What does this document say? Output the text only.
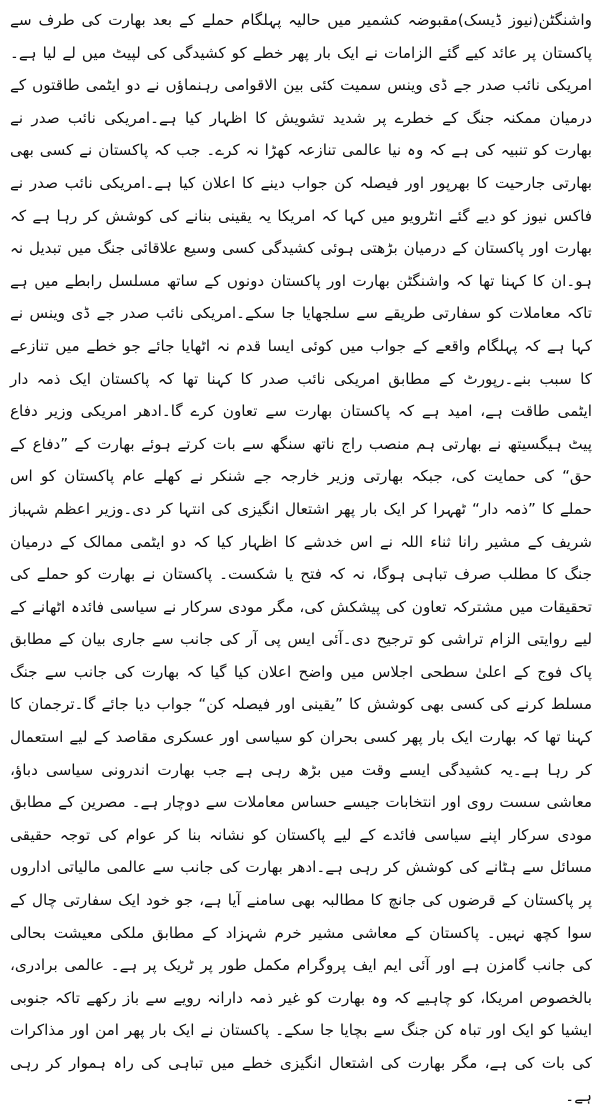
واشنگٹن(نیوز ڈیسک)مقبوضہ کشمیر میں حالیہ پہلگام حملے کے بعد بھارت کی طرف سے پاکستان پر عائد کیے گئے الزامات نے ایک بار پھر خطے کو کشیدگی کی لپیٹ میں لے لیا ہے۔امریکی نائب صدر جے ڈی وینس سمیت کئی بین الاقوامی رہنماؤں نے دو ایٹمی طاقتوں کے درمیان ممکنہ جنگ کے خطرے پر شدید تشویش کا اظہار کیا ہے۔امریکی نائب صدر نے بھارت کو تنبیہ کی ہے کہ وہ نیا عالمی تنازعہ کھڑا نہ کرے۔ جب کہ پاکستان نے کسی بھی بھارتی جارحیت کا بھرپور اور فیصلہ کن جواب دینے کا اعلان کیا ہے۔امریکی نائب صدر نے فاکس نیوز کو دیے گئے انٹرویو میں کہا کہ امریکا یہ یقینی بنانے کی کوشش کر رہا ہے کہ بھارت اور پاکستان کے درمیان بڑھتی ہوئی کشیدگی کسی وسیع علاقائی جنگ میں تبدیل نہ ہو۔ان کا کہنا تھا کہ واشنگٹن بھارت اور پاکستان دونوں کے ساتھ مسلسل رابطے میں ہے تاکہ معاملات کو سفارتی طریقے سے سلجھایا جا سکے۔امریکی نائب صدر جے ڈی وینس نے کہا ہے کہ پہلگام واقعے کے جواب میں کوئی ایسا قدم نہ اٹھایا جائے جو خطے میں تنازعے کا سبب بنے۔رپورٹ کے مطابق امریکی نائب صدر کا کہنا تھا کہ پاکستان ایک ذمہ دار ایٹمی طاقت ہے، امید ہے کہ پاکستان بھارت سے تعاون کرے گا۔ادھر امریکی وزیر دفاع پیٹ ہیگسیتھ نے بھارتی ہم منصب راج ناتھ سنگھ سے بات کرتے ہوئے بھارت کے ”دفاع کے حق“ کی حمایت کی، جبکہ بھارتی وزیر خارجہ جے شنکر نے کھلے عام پاکستان کو اس حملے کا ”ذمہ دار“ ٹھہرا کر ایک بار پھر اشتعال انگیزی کی انتہا کر دی۔وزیر اعظم شہباز شریف کے مشیر رانا ثناء اللہ نے اس خدشے کا اظہار کیا کہ دو ایٹمی ممالک کے درمیان جنگ کا مطلب صرف تباہی ہوگا، نہ کہ فتح یا شکست۔ پاکستان نے بھارت کو حملے کی تحقیقات میں مشترکہ تعاون کی پیشکش کی، مگر مودی سرکار نے سیاسی فائدہ اٹھانے کے لیے روایتی الزام تراشی کو ترجیح دی۔آئی ایس پی آر کی جانب سے جاری بیان کے مطابق پاک فوج کے اعلیٰ سطحی اجلاس میں واضح اعلان کیا گیا کہ بھارت کی جانب سے جنگ مسلط کرنے کی کسی بھی کوشش کا ”یقینی اور فیصلہ کن“ جواب دیا جائے گا۔ترجمان کا کہنا تھا کہ بھارت ایک بار پھر کسی بحران کو سیاسی اور عسکری مقاصد کے لیے استعمال کر رہا ہے۔یہ کشیدگی ایسے وقت میں بڑھ رہی ہے جب بھارت اندرونی سیاسی دباؤ، معاشی سست روی اور انتخابات جیسے حساس معاملات سے دوچار ہے۔ مصرین کے مطابق مودی سرکار اپنے سیاسی فائدے کے لیے پاکستان کو نشانہ بنا کر عوام کی توجہ حقیقی مسائل سے ہٹانے کی کوشش کر رہی ہے۔ادھر بھارت کی جانب سے عالمی مالیاتی اداروں پر پاکستان کے قرضوں کی جانچ کا مطالبہ بھی سامنے آیا ہے، جو خود ایک سفارتی چال کے سوا کچھ نہیں۔ پاکستان کے معاشی مشیر خرم شہزاد کے مطابق ملکی معیشت بحالی کی جانب گامزن ہے اور آئی ایم ایف پروگرام مکمل طور پر ٹریک پر ہے۔ عالمی برادری، بالخصوص امریکا، کو چاہیے کہ وہ بھارت کو غیر ذمہ دارانہ رویے سے باز رکھے تاکہ جنوبی ایشیا کو ایک اور تباہ کن جنگ سے بچایا جا سکے۔ پاکستان نے ایک بار پھر امن اور مذاکرات کی بات کی ہے، مگر بھارت کی اشتعال انگیزی خطے میں تباہی کی راہ ہموار کر رہی ہے۔
